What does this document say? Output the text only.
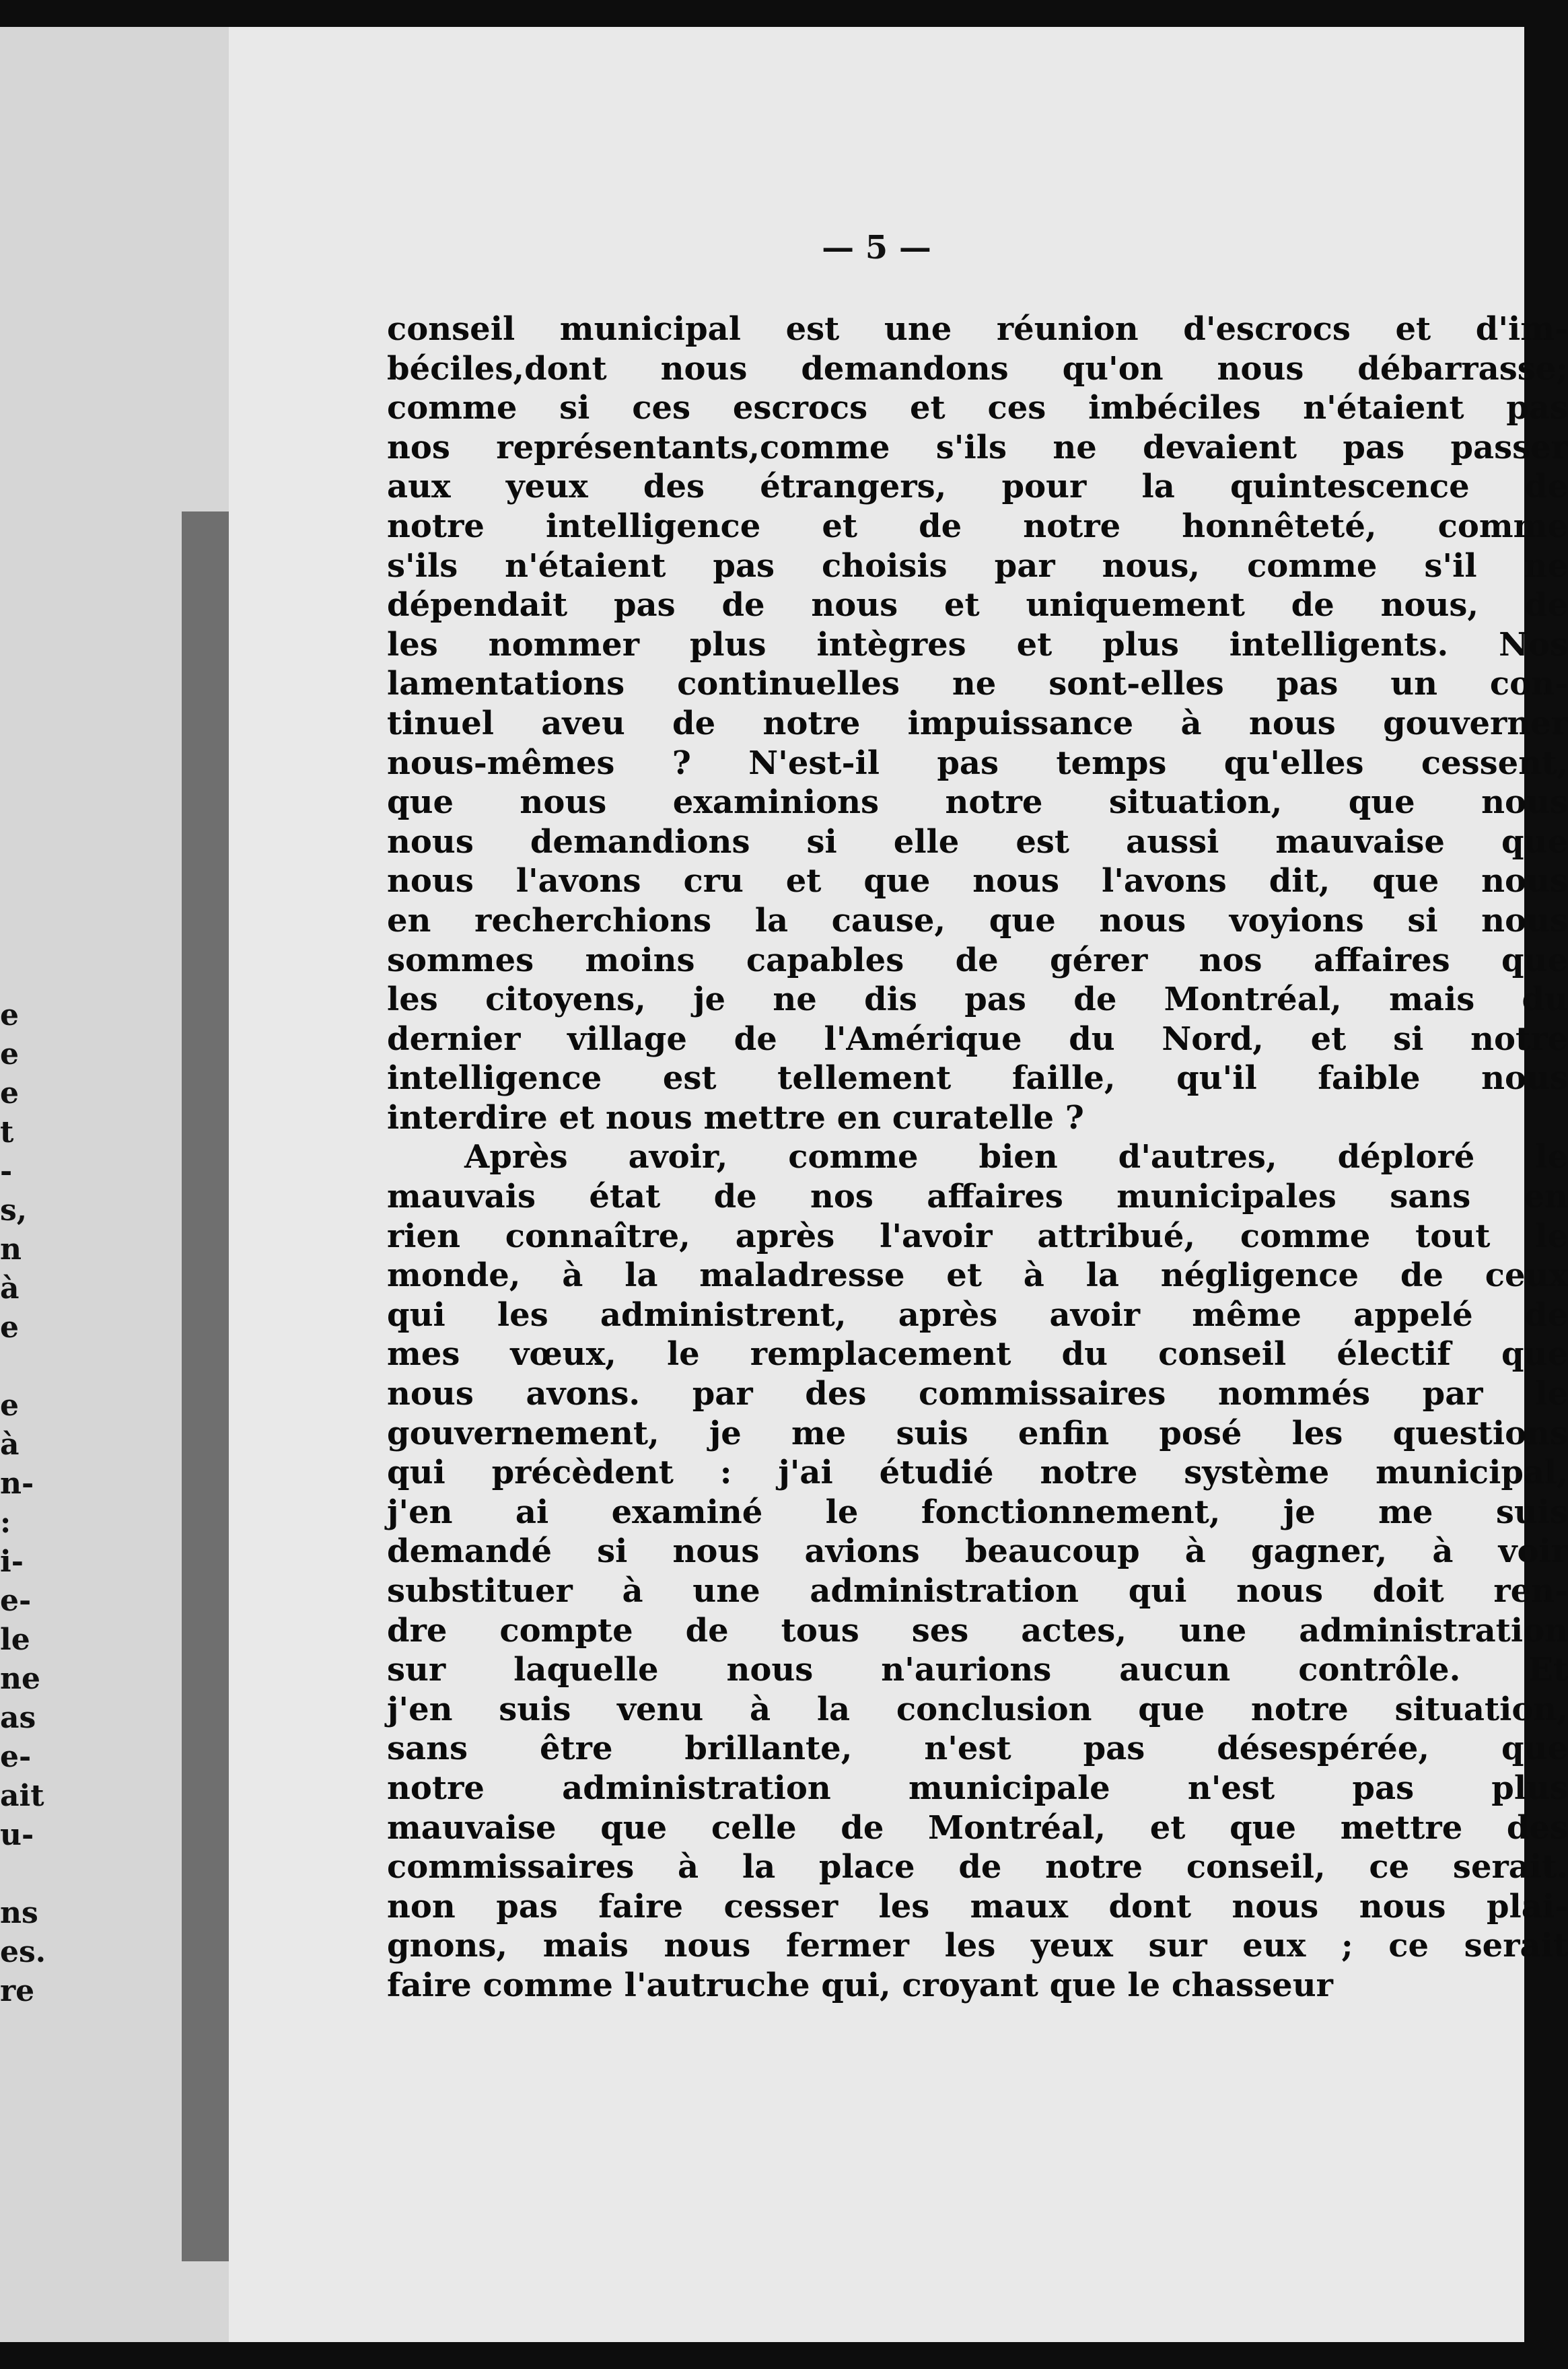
e
e
e
t
-
s,
n
à
e

e
à
n-
:
i-
e-
le
ne
as
e-
ait
u-

ns
es.
re
— 5 —
conseil municipal est une réunion d'escrocs et d'im-
béciles,dont nous demandons qu'on nous débarrasse;
comme si ces escrocs et ces imbéciles n'étaient pas
nos représentants,comme s'ils ne devaient pas passer
aux yeux des étrangers, pour la quintescence de
notre intelligence et de notre honnêteté, comme
s'ils n'étaient pas choisis par nous, comme s'il ne
dépendait pas de nous et uniquement de nous, de
les nommer plus intègres et plus intelligents. Nos
lamentations continuelles ne sont-elles pas un con-
tinuel aveu de notre impuissance à nous gouverner
nous-mêmes ? N'est-il pas temps qu'elles cessent,
que nous examinions notre situation, que nous
nous demandions si elle est aussi mauvaise que
nous l'avons cru et que nous l'avons dit, que nous
en recherchions la cause, que nous voyions si nous
sommes moins capables de gérer nos affaires que
les citoyens, je ne dis pas de Montréal, mais du
dernier village de l'Amérique du Nord, et si notre
intelligence est tellement faille, qu'il faible nous
interdire et nous mettre en curatelle ?
Après avoir, comme bien d'autres, déploré le
mauvais état de nos affaires municipales sans en
rien connaître, après l'avoir attribué, comme tout le
monde, à la maladresse et à la négligence de ceux
qui les administrent, après avoir même appelé de
mes vœux, le remplacement du conseil électif que
nous avons. par des commissaires nommés par le
gouvernement, je me suis enfin posé les questions
qui précèdent : j'ai étudié notre système municipal,
j'en ai examiné le fonctionnement, je me suis
demandé si nous avions beaucoup à gagner, à voir
substituer à une administration qui nous doit ren-
dre compte de tous ses actes, une administration
sur laquelle nous n'aurions aucun contrôle. Et
j'en suis venu à la conclusion que notre situation,
sans être brillante, n'est pas désespérée, que
notre administration municipale n'est pas plus
mauvaise que celle de Montréal, et que mettre des
commissaires à la place de notre conseil, ce serait.
non pas faire cesser les maux dont nous nous plai-
gnons, mais nous fermer les yeux sur eux ; ce serait
faire comme l'autruche qui, croyant que le chasseur
